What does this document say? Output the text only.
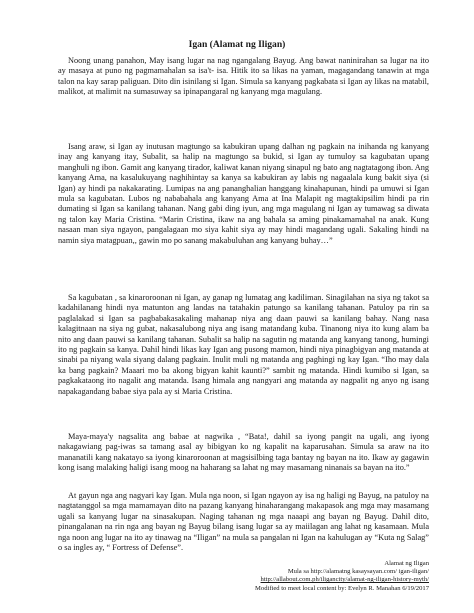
Igan (Alamat ng Iligan)

Noong unang panahon, May isang lugar na nag ngangalang Bayug. Ang bawat naninirahan sa lugar na ito ay masaya at puno ng pagmamahalan sa isa't- isa. Hitik ito sa likas na yaman, magagandang tanawin at mga talon na kay sarap paliguan. Dito din isinilang si Igan. Simula sa kanyang pagkabata si Igan ay likas na matabil, malikot, at malimit na sumasuway sa ipinapangaral ng kanyang mga magulang.

Isang araw, si Igan ay inutusan magtungo sa kabukiran upang dalhan ng pagkain na inihanda ng kanyang inay ang kanyang itay, Subalit, sa halip na magtungo sa bukid, si Igan ay tumuloy sa kagubatan upang manghuli ng ibon. Gamit ang kanyang tirador, kaliwat kanan niyang sinapul ng bato ang nagtatagong ibon. Ang kanyang Ama, na kasalukuyang naghihintay sa kanya sa kabukiran ay labis ng nagaalala kung bakit siya (si Igan) ay hindi pa nakakarating. Lumipas na ang pananghalian hanggang kinahapunan, hindi pa umuwi si Igan mula sa kagubatan. Lubos ng nababahala ang kanyang Ama at Ina Malapit ng magtakipsilim hindi pa rin dumating si Igan sa kanilang tahanan. Nang gabi ding iyun, ang mga magulang ni Igan ay tumawag sa diwata ng talon kay Maria Cristina. “Marin Cristina, ikaw na ang bahala sa aming pinakamamahal na anak. Kung nasaan man siya ngayon, pangalagaan mo siya kahit siya ay may hindi magandang ugali. Sakaling hindi na namin siya matagpuan,, gawin mo po sanang makabuluhan ang kanyang buhay…”

Sa kagubatan , sa kinaroroonan ni Igan, ay ganap ng lumatag ang kadiliman. Sinagilahan na siya ng takot sa kadahilanang hindi nya matunton ang landas na tatahakin patungo sa kanilang tahanan. Patuloy pa rin sa paglalakad si Igan sa pagbabakasakaling mahanap niya ang daan pauwi sa kanilang bahay. Nang nasa kalagitnaan na siya ng gubat, nakasalubong niya ang isang matandang kuba. Tinanong niya ito kung alam ba nito ang daan pauwi sa kanilang tahanan. Subalit sa halip na sagutin ng matanda ang kanyang tanong, humingi ito ng pagkain sa kanya. Dahil hindi likas kay Igan ang pusong mamon, hindi niya pinagbigyan ang matanda at sinabi pa niyang wala siyang dalang pagkain. Inulit muli ng matanda ang paghingi ng kay Igan. “Iho may dala ka bang pagkain? Maaari mo ba akong bigyan kahit kaunti?” sambit ng matanda. Hindi kumibo si Igan, sa pagkakataong ito nagalit ang matanda. Isang himala ang nangyari ang matanda ay nagpalit ng anyo ng isang napakagandang babae siya pala ay si Maria Cristina.

Maya-maya'y nagsalita ang babae at nagwika , “Bata!, dahil sa iyong pangit na ugali, ang iyong nakagawiang pag-iwas sa tamang asal ay bibigyan ko ng kapalit na kaparusahan. Simula sa araw na ito mananatili kang nakatayo sa iyong kinaroroonan at magsisilbing taga bantay ng bayan na ito. Ikaw ay gagawin kong isang malaking haligi isang moog na haharang sa lahat ng may masamang ninanais sa bayan na ito.”

At gayun nga ang nagyari kay Igan. Mula nga noon, si Igan ngayon ay isa ng haligi ng Bayug, na patuloy na nagtatanggol sa mga mamamayan dito na pazang kanyang hinaharangang makapasok ang mga may masamang ugali sa kanyang lugar na sinasakupan. Naging tahanan ng mga naaapi ang bayan ng Bayug. Dahil dito, pinangalanan na rin nga ang bayan ng Bayug bilang isang lugar sa ay maiilagan ang lahat ng kasamaan. Mula nga noon ang lugar na ito ay tinawag na “Iligan” na mula sa pangalan ni Igan na kahulugan ay “Kuta ng Salag” o sa ingles ay, “ Fortress of Defense”.

Alamat ng Iligan
Mula sa http://alamatng kasaysayan.com/ igan-iligan/
http://allabout.com.ph/iligancity/alamat-ng-iligan-history-myth/
Modified to meet local content by: Evelyn R. Manahan 6/19/2017
